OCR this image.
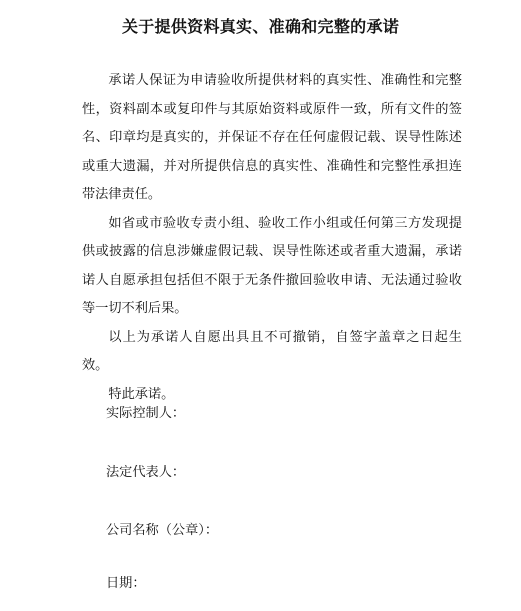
关于提供资料真实、准确和完整的承诺

承诺人保证为申请验收所提供材料的真实性、准确性和完整性，资料副本或复印件与其原始资料或原件一致，所有文件的签名、印章均是真实的，并保证不存在任何虚假记载、误导性陈述或重大遗漏，并对所提供信息的真实性、准确性和完整性承担连带法律责任。

如省或市验收专责小组、验收工作小组或任何第三方发现提供或披露的信息涉嫌虚假记载、误导性陈述或者重大遗漏，承诺诺人自愿承担包括但不限于无条件撤回验收申请、无法通过验收等一切不利后果。

以上为承诺人自愿出具且不可撤销，自签字盖章之日起生效。

特此承诺。

实际控制人：
法定代表人：
公司名称（公章）：
日期：
